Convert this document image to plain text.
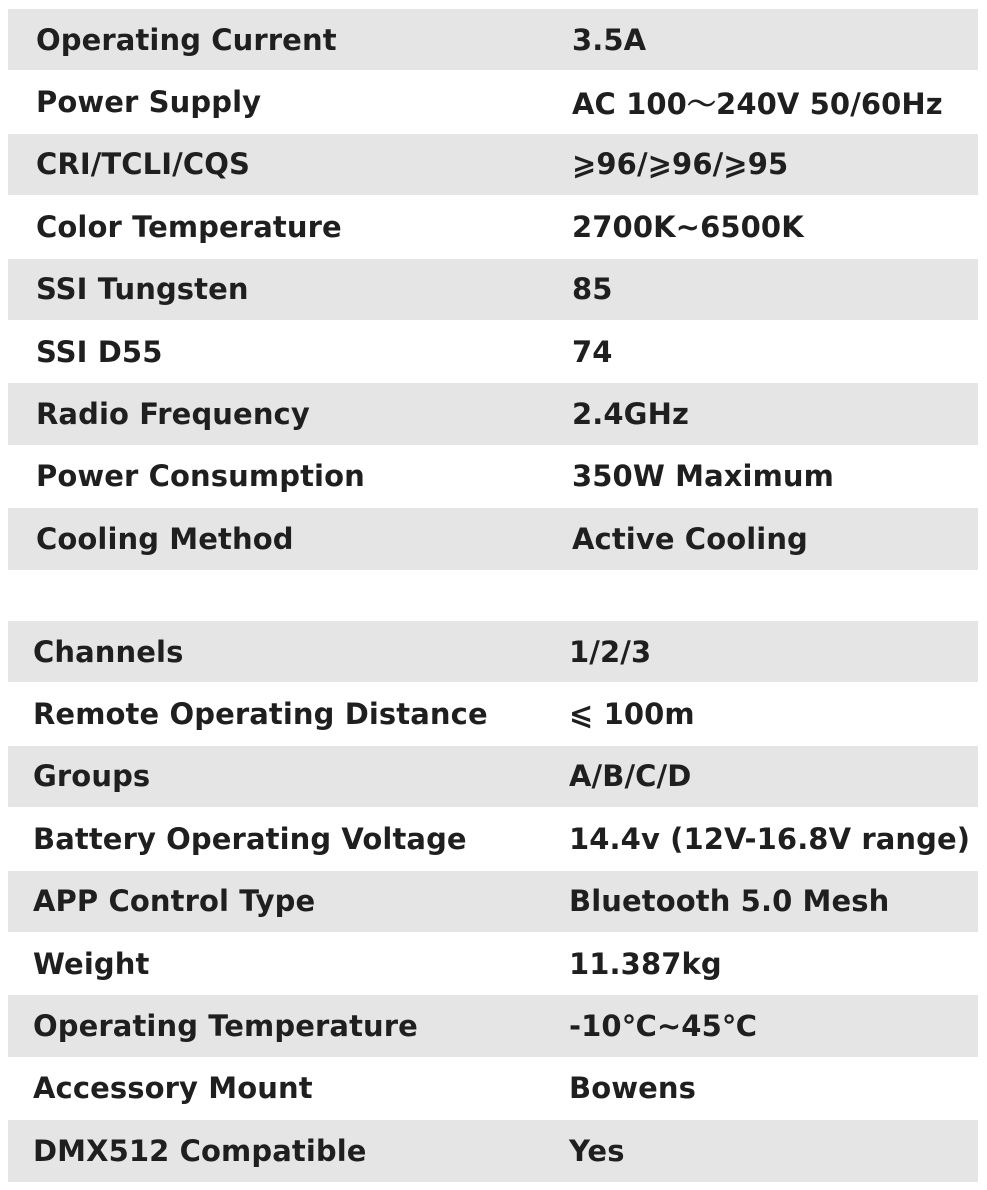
Operating Current	3.5A
Power Supply	AC 100～240V 50/60Hz
CRI/TCLI/CQS	⩾96/⩾96/⩾95
Color Temperature	2700K~6500K
SSI Tungsten	85
SSI D55	74
Radio Frequency	2.4GHz
Power Consumption	350W Maximum
Cooling Method	Active Cooling
Channels	1/2/3
Remote Operating Distance	⩽ 100m
Groups	A/B/C/D
Battery Operating Voltage	14.4v (12V-16.8V range)
APP Control Type	Bluetooth 5.0 Mesh
Weight	11.387kg
Operating Temperature	-10℃~45℃
Accessory Mount	Bowens
DMX512 Compatible	Yes
